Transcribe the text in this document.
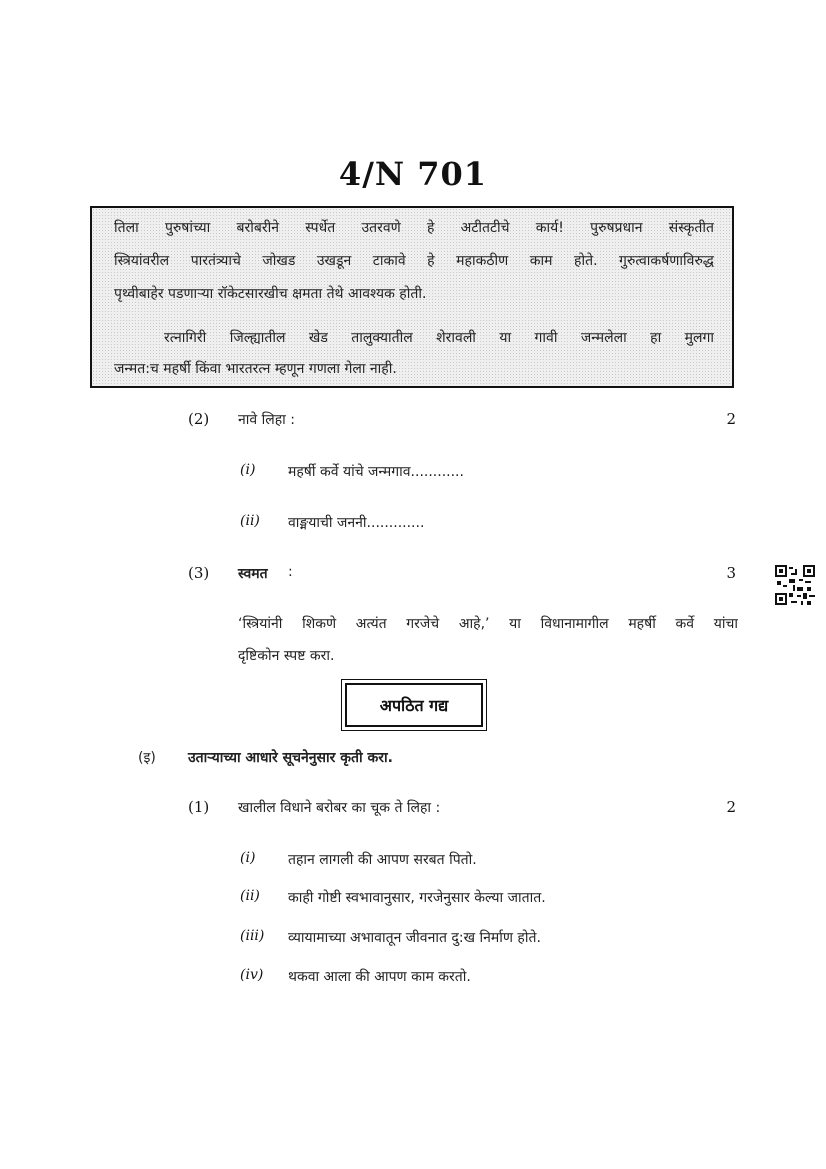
4/N 701
तिला पुरुषांच्या बरोबरीने स्पर्धेत उतरवणे हे अटीतटीचे कार्य! पुरुषप्रधान संस्कृतीत
स्त्रियांवरील पारतंत्र्याचे जोखड उखडून टाकावे हे महाकठीण काम होते. गुरुत्वाकर्षणाविरुद्ध
पृथ्वीबाहेर पडणाऱ्या रॉकेटसारखीच क्षमता तेथे आवश्यक होती.
रत्नागिरी जिल्ह्यातील खेड तालुक्यातील शेरावली या गावी जन्मलेला हा मुलगा
जन्मत:च महर्षी किंवा भारतरत्न म्हणून गणला गेला नाही.
(2) नावे लिहा :	2
(i) महर्षी कर्वे यांचे जन्मगाव............
(ii) वाङ्मयाची जननी.............
(3) स्वमत :	3
‘स्त्रियांनी शिकणे अत्यंत गरजेचे आहे,’ या विधानामागील महर्षी कर्वे यांचा
दृष्टिकोन स्पष्ट करा.
अपठित गद्य
(इ) उताऱ्याच्या आधारे सूचनेनुसार कृती करा.
(1) खालील विधाने बरोबर का चूक ते लिहा :	2
(i) तहान लागली की आपण सरबत पितो.
(ii) काही गोष्टी स्वभावानुसार, गरजेनुसार केल्या जातात.
(iii) व्यायामाच्या अभावातून जीवनात दु:ख निर्माण होते.
(iv) थकवा आला की आपण काम करतो.
